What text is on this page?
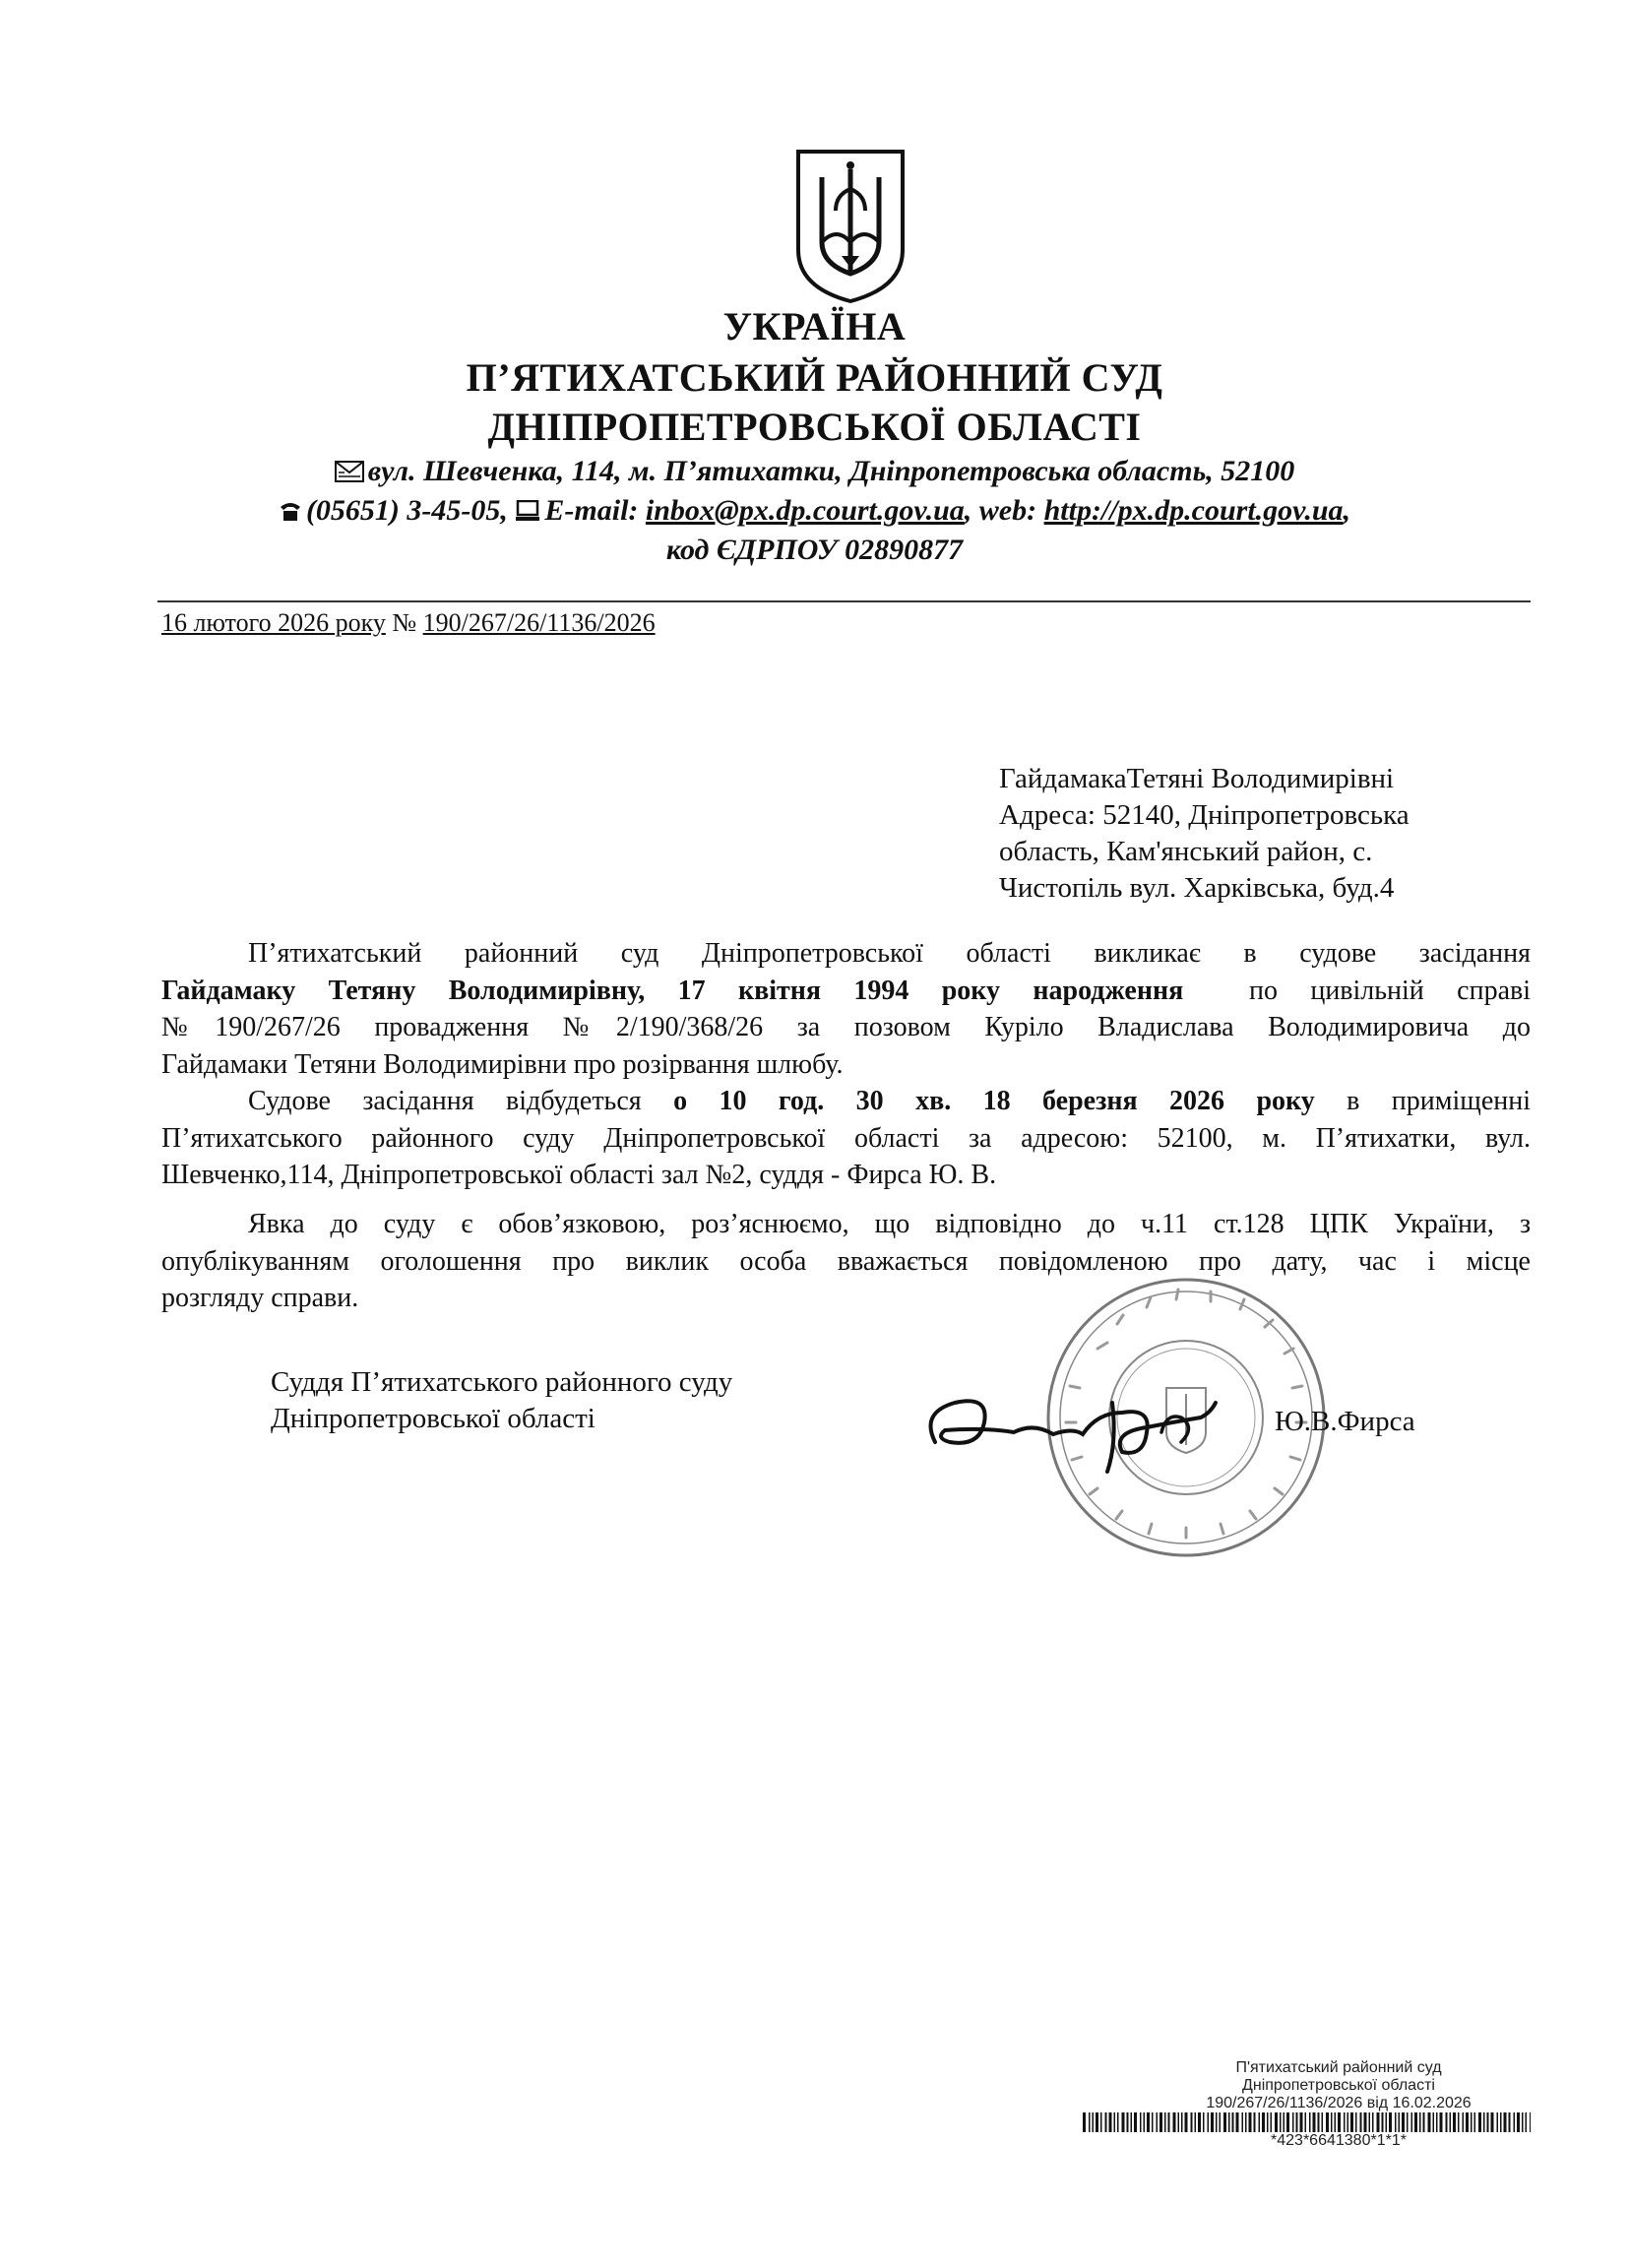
УКРАЇНА
П’ЯТИХАТСЬКИЙ РАЙОННИЙ СУД
ДНІПРОПЕТРОВСЬКОЇ ОБЛАСТІ
вул. Шевченка, 114, м. П’ятихатки, Дніпропетровська область, 52100
(05651) 3-45-05, E-mail: inbox@px.dp.court.gov.ua, web: http://px.dp.court.gov.ua,
код ЄДРПОУ 02890877
16 лютого 2026 року № 190/267/26/1136/2026
ГайдамакаТетяні Володимирівні
Адреса: 52140, Дніпропетровська
область, Кам'янський район, с.
Чистопіль вул. Харківська, буд.4
П’ятихатський районний суд Дніпропетровської області викликає в судове засідання
Гайдамаку Тетяну Володимирівну, 17 квітня 1994 року народження по цивільній справі
№190/267/26 провадження №2/190/368/26 за позовом Куріло Владислава Володимировича до
Гайдамаки Тетяни Володимирівни про розірвання шлюбу.
Судове засідання відбудеться о 10 год. 30 хв. 18 березня 2026 року в приміщенні
П’ятихатського районного суду Дніпропетровської області за адресою: 52100, м. П’ятихатки, вул.
Шевченко,114, Дніпропетровської області зал №2, суддя - Фирса Ю. В.
Явка до суду є обов’язковою, роз’яснюємо, що відповідно до ч.11 ст.128 ЦПК України, з
опублікуванням оголошення про виклик особа вважається повідомленою про дату, час і місце
розгляду справи.
Суддя П’ятихатського районного суду
Дніпропетровської області	Ю.В.Фирса
П'ятихатський районний суд
Дніпропетровської області
190/267/26/1136/2026 від 16.02.2026
*423*6641380*1*1*
